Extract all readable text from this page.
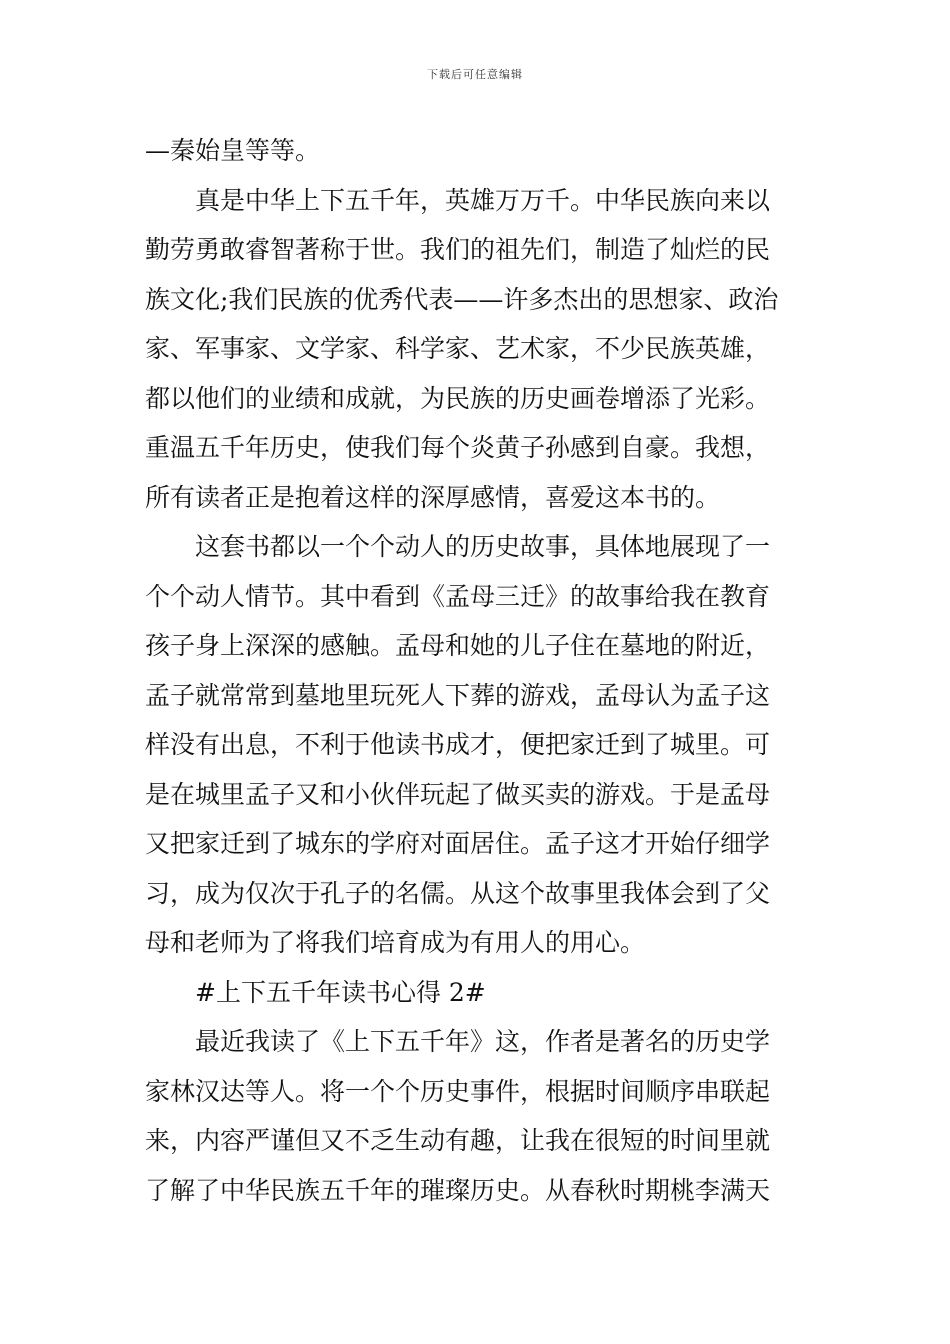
下载后可任意编辑
—秦始皇等等。
真是中华上下五千年，英雄万万千。中华民族向来以
勤劳勇敢睿智著称于世。我们的祖先们，制造了灿烂的民
族文化;我们民族的优秀代表——许多杰出的思想家、政治
家、军事家、文学家、科学家、艺术家，不少民族英雄，
都以他们的业绩和成就，为民族的历史画卷增添了光彩。
重温五千年历史，使我们每个炎黄子孙感到自豪。我想，
所有读者正是抱着这样的深厚感情，喜爱这本书的。
这套书都以一个个动人的历史故事，具体地展现了一
个个动人情节。其中看到《孟母三迁》的故事给我在教育
孩子身上深深的感触。孟母和她的儿子住在墓地的附近，
孟子就常常到墓地里玩死人下葬的游戏，孟母认为孟子这
样没有出息，不利于他读书成才，便把家迁到了城里。可
是在城里孟子又和小伙伴玩起了做买卖的游戏。于是孟母
又把家迁到了城东的学府对面居住。孟子这才开始仔细学
习，成为仅次于孔子的名儒。从这个故事里我体会到了父
母和老师为了将我们培育成为有用人的用心。
#上下五千年读书心得 2#
最近我读了《上下五千年》这，作者是著名的历史学
家林汉达等人。将一个个历史事件，根据时间顺序串联起
来，内容严谨但又不乏生动有趣，让我在很短的时间里就
了解了中华民族五千年的璀璨历史。从春秋时期桃李满天
